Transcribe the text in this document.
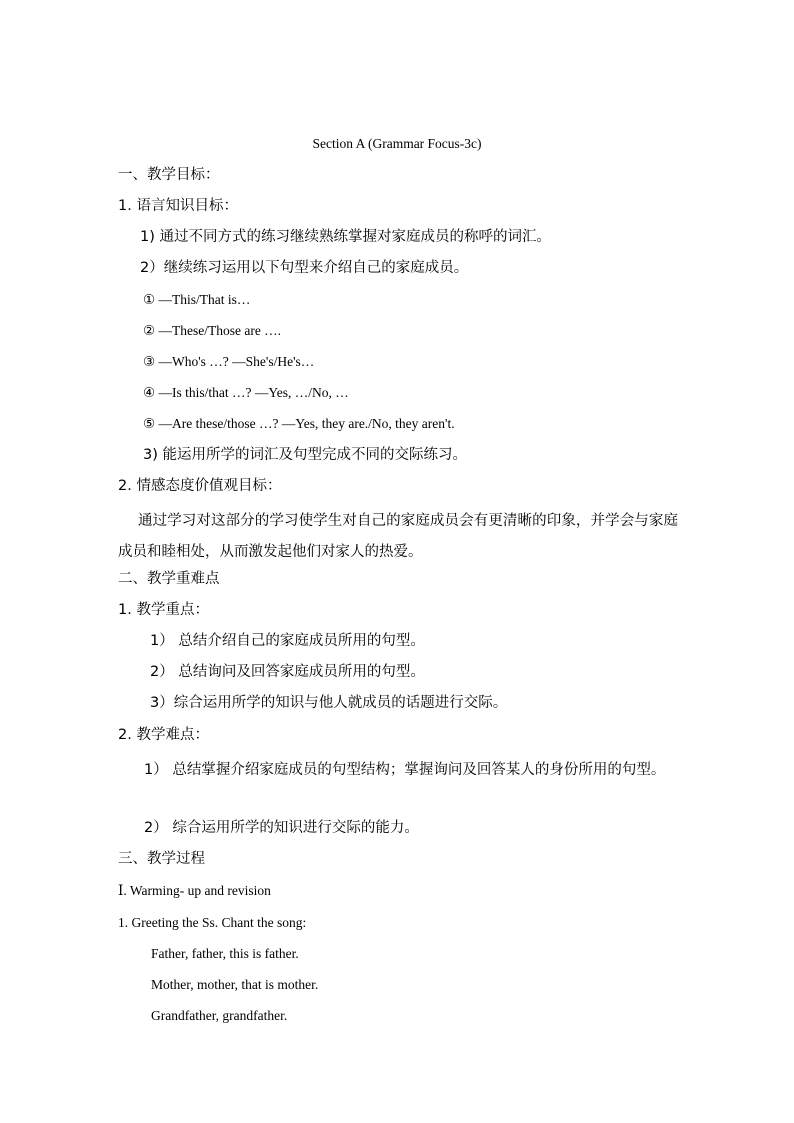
Section A (Grammar Focus-3c)
一、教学目标：
1. 语言知识目标：
1) 通过不同方式的练习继续熟练掌握对家庭成员的称呼的词汇。
2）继续练习运用以下句型来介绍自己的家庭成员。
① —This/That is…
② —These/Those are ….
③ —Who's …? —She's/He's…
④ —Is this/that …? —Yes, …/No, …
⑤ —Are these/those …? —Yes, they are./No, they aren't.
3) 能运用所学的词汇及句型完成不同的交际练习。
2. 情感态度价值观目标：
通过学习对这部分的学习使学生对自己的家庭成员会有更清晰的印象，并学会与家庭成员和睦相处，从而激发起他们对家人的热爱。
二、教学重难点
1. 教学重点：
1） 总结介绍自己的家庭成员所用的句型。
2） 总结询问及回答家庭成员所用的句型。
3）综合运用所学的知识与他人就成员的话题进行交际。
2. 教学难点：
1） 总结掌握介绍家庭成员的句型结构；掌握询问及回答某人的身份所用的句型。
2） 综合运用所学的知识进行交际的能力。
三、教学过程
Ⅰ. Warming- up and revision
1. Greeting the Ss. Chant the song:
Father, father, this is father.
Mother, mother, that is mother.
Grandfather, grandfather.
